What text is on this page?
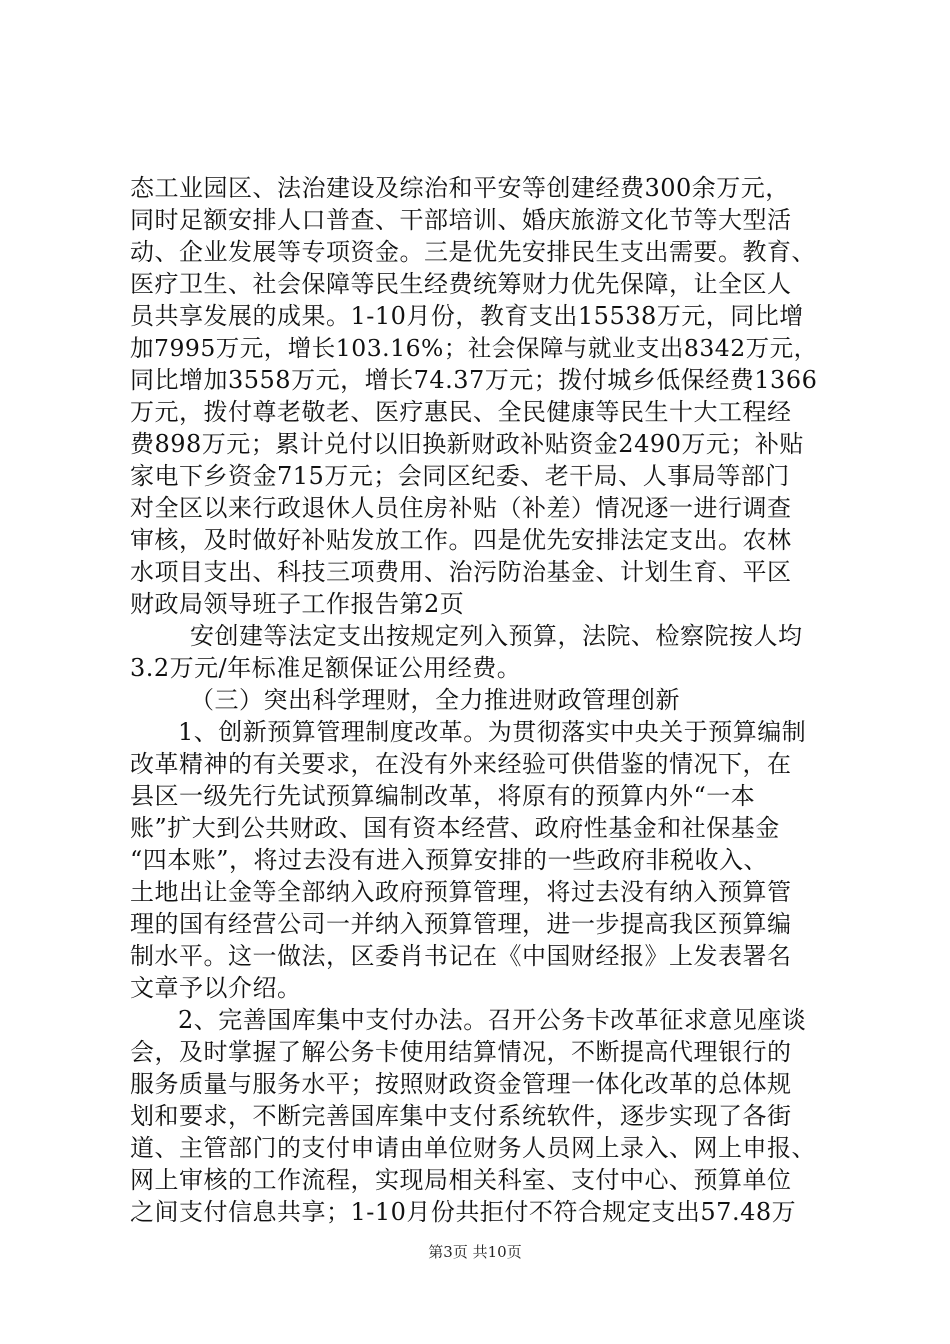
态工业园区、法治建设及综治和平安等创建经费300余万元，
同时足额安排人口普查、干部培训、婚庆旅游文化节等大型活
动、企业发展等专项资金。三是优先安排民生支出需要。教育、
医疗卫生、社会保障等民生经费统筹财力优先保障，让全区人
员共享发展的成果。1-10月份，教育支出15538万元，同比增
加7995万元，增长103.16%；社会保障与就业支出8342万元，
同比增加3558万元，增长74.37万元；拨付城乡低保经费1366
万元，拨付尊老敬老、医疗惠民、全民健康等民生十大工程经
费898万元；累计兑付以旧换新财政补贴资金2490万元；补贴
家电下乡资金715万元；会同区纪委、老干局、人事局等部门
对全区以来行政退休人员住房补贴（补差）情况逐一进行调查
审核，及时做好补贴发放工作。四是优先安排法定支出。农林
水项目支出、科技三项费用、治污防治基金、计划生育、平区
财政局领导班子工作报告第2页
安创建等法定支出按规定列入预算，法院、检察院按人均
3.2万元/年标准足额保证公用经费。
（三）突出科学理财，全力推进财政管理创新
1、创新预算管理制度改革。为贯彻落实中央关于预算编制
改革精神的有关要求，在没有外来经验可供借鉴的情况下，在
县区一级先行先试预算编制改革，将原有的预算内外“一本
账”扩大到公共财政、国有资本经营、政府性基金和社保基金
“四本账”，将过去没有进入预算安排的一些政府非税收入、
土地出让金等全部纳入政府预算管理，将过去没有纳入预算管
理的国有经营公司一并纳入预算管理，进一步提高我区预算编
制水平。这一做法，区委肖书记在《中国财经报》上发表署名
文章予以介绍。
2、完善国库集中支付办法。召开公务卡改革征求意见座谈
会，及时掌握了解公务卡使用结算情况，不断提高代理银行的
服务质量与服务水平；按照财政资金管理一体化改革的总体规
划和要求，不断完善国库集中支付系统软件，逐步实现了各街
道、主管部门的支付申请由单位财务人员网上录入、网上申报、
网上审核的工作流程，实现局相关科室、支付中心、预算单位
之间支付信息共享；1-10月份共拒付不符合规定支出57.48万
第3页 共10页
